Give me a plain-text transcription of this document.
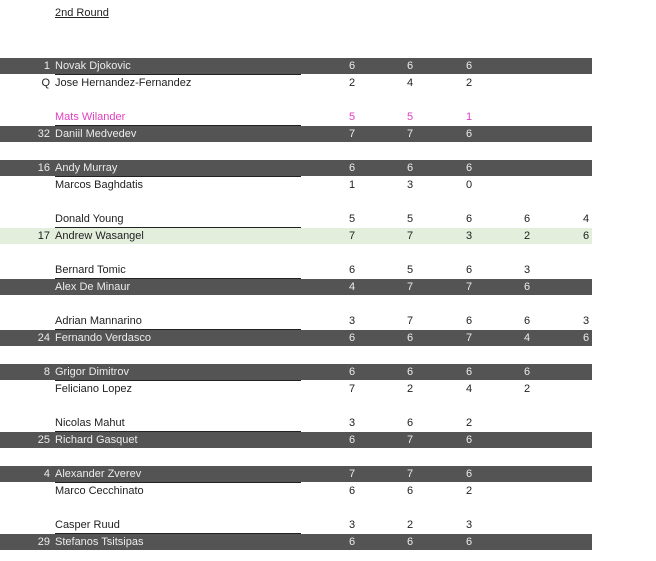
2nd Round
1 Novak Djokovic	6	6	6
Q Jose Hernandez-Fernandez	2	4	2
Mats Wilander	5	5	1
32 Daniil Medvedev	7	7	6
16 Andy Murray	6	6	6
Marcos Baghdatis	1	3	0
Donald Young	5	5	6	6	4
17 Andrew Wasangel	7	7	3	2	6
Bernard Tomic	6	5	6	3
Alex De Minaur	4	7	7	6
Adrian Mannarino	3	7	6	6	3
24 Fernando Verdasco	6	6	7	4	6
8 Grigor Dimitrov	6	6	6	6
Feliciano Lopez	7	2	4	2
Nicolas Mahut	3	6	2
25 Richard Gasquet	6	7	6
4 Alexander Zverev	7	7	6
Marco Cecchinato	6	6	2
Casper Ruud	3	2	3
29 Stefanos Tsitsipas	6	6	6
